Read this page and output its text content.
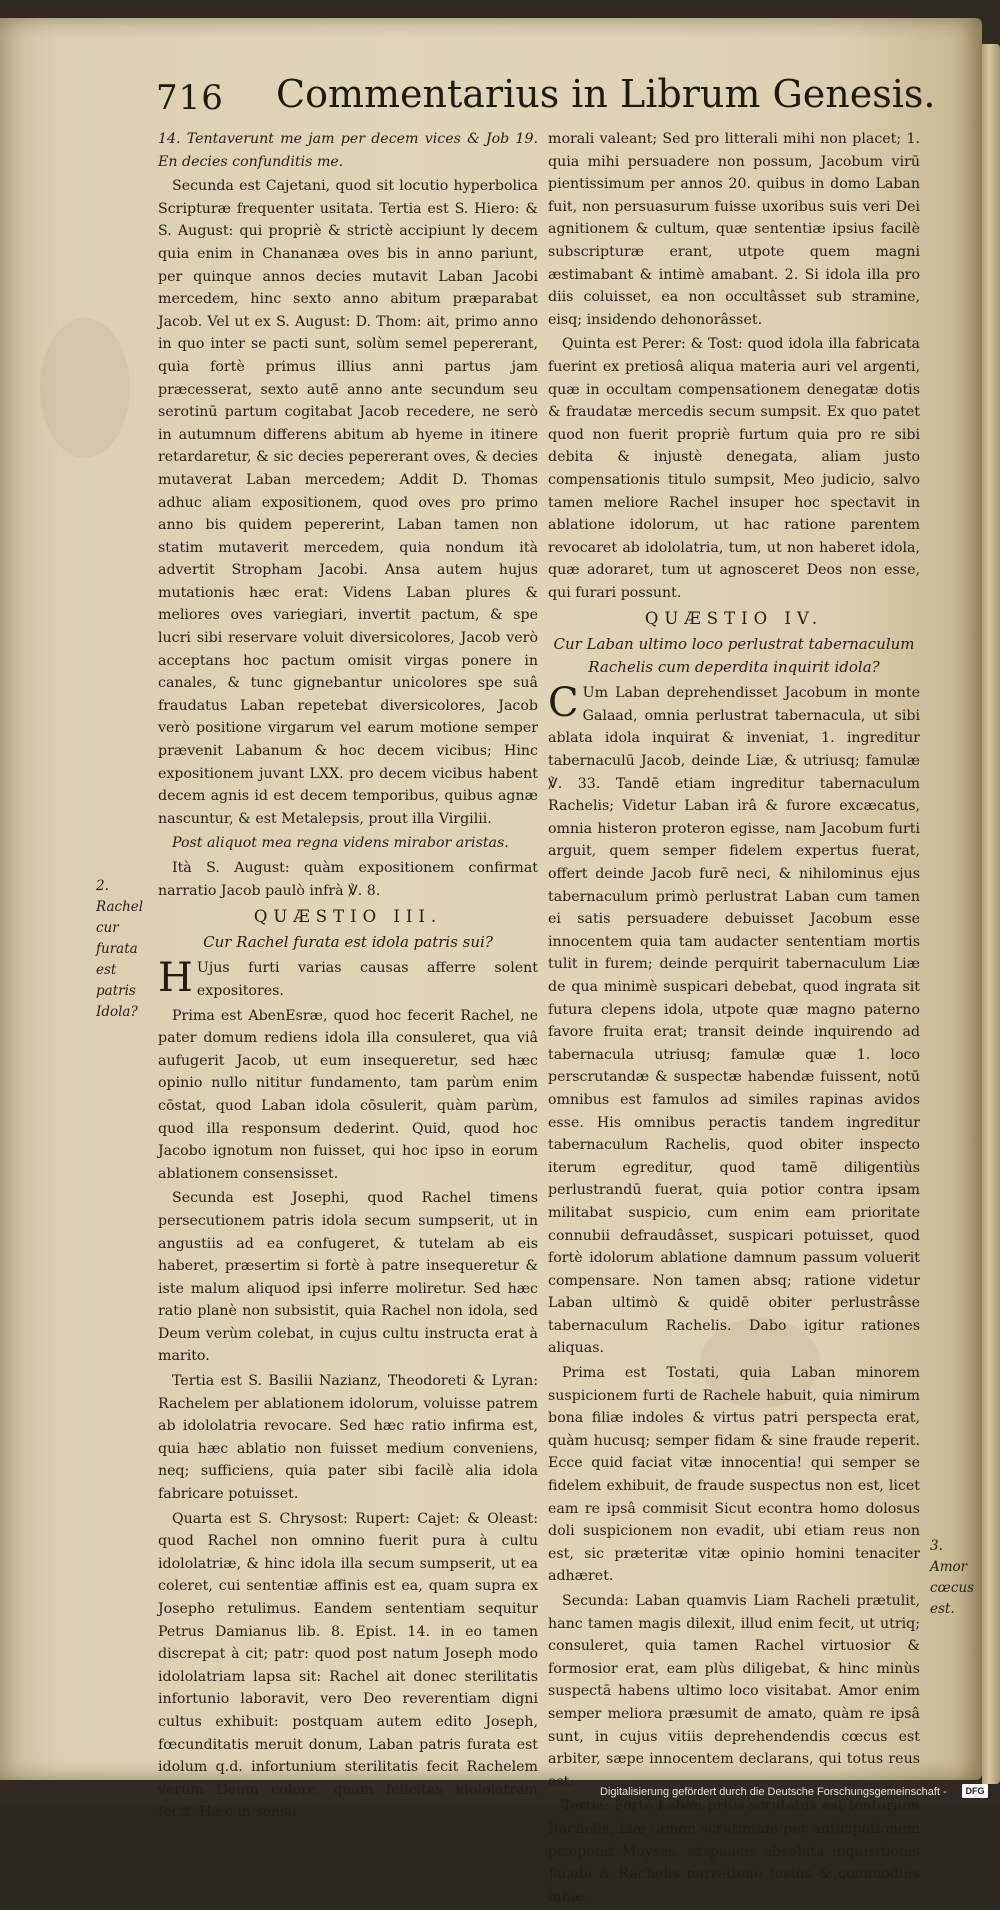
716 Commentarius in Librum Genesis.

14. Tentaverunt me jam per decem vices & Job 19. En decies confunditis me.

Secunda est Cajetani, quod sit locutio hyperbolica Scripturæ frequenter usitata. Tertia est S. Hiero: & S. August: qui propriè & strictè accipiunt ly decem quia enim in Chananæa oves bis in anno pariunt, per quinque annos decies mutavit Laban Jacobi mercedem, hinc sexto anno abitum præparabat Jacob. Vel ut ex S. August: D. Thom: ait, primo anno in quo inter se pacti sunt, solùm semel pepererant, quia fortè primus illius anni partus jam præcesserat, sexto autē anno ante secundum seu serotinū partum cogitabat Jacob recedere, ne serò in autumnum differens abitum ab hyeme in itinere retardaretur, & sic decies pepererant oves, & decies mutaverat Laban mercedem; Addit D. Thomas adhuc aliam expositionem, quod oves pro primo anno bis quidem pepererint, Laban tamen non statim mutaverit mercedem, quia nondum ità advertit Stropham Jacobi. Ansa autem hujus mutationis hæc erat: Videns Laban plures & meliores oves variegiari, invertit pactum, & spe lucri sibi reservare voluit diversicolores, Jacob verò acceptans hoc pactum omisit virgas ponere in canales, & tunc gignebantur unicolores spe suâ fraudatus Laban repetebat diversicolores, Jacob verò positione virgarum vel earum motione semper prævenit Labanum & hoc decem vicibus; Hinc expositionem juvant LXX. pro decem vicibus habent decem agnis id est decem temporibus, quibus agnæ nascuntur, & est Metalepsis, prout illa Virgilii.

Post aliquot mea regna videns mirabor aristas.

Ità S. August: quàm expositionem confirmat narratio Jacob paulò infrà ℣. 8.

QUÆSTIO III.
Cur Rachel furata est idola patris sui?

H Ujus furti varias causas afferre solent expositores.

Prima est AbenEsræ, quod hoc fecerit Rachel, ne pater domum rediens idola illa consuleret, qua viâ aufugerit Jacob, ut eum insequeretur, sed hæc opinio nullo nititur fundamento, tam parùm enim cōstat, quod Laban idola cōsulerit, quàm parùm, quod illa responsum dederint. Quid, quod hoc Jacobo ignotum non fuisset, qui hoc ipso in eorum ablationem consensisset.

Secunda est Josephi, quod Rachel timens persecutionem patris idola secum sumpserit, ut in angustiis ad ea confugeret, & tutelam ab eis haberet, præsertim si fortè à patre insequeretur & iste malum aliquod ipsi inferre moliretur. Sed hæc ratio planè non subsistit, quia Rachel non idola, sed Deum verùm colebat, in cujus cultu instructa erat à marito.

Tertia est S. Basilii Nazianz, Theodoreti & Lyran: Rachelem per ablationem idolorum, voluisse patrem ab idololatria revocare. Sed hæc ratio infirma est, quia hæc ablatio non fuisset medium conveniens, neq; sufficiens, quia pater sibi facilè alia idola fabricare potuisset.

Quarta est S. Chrysost: Rupert: Cajet: & Oleast: quod Rachel non omnino fuerit pura à cultu idololatriæ, & hinc idola illa secum sumpserit, ut ea coleret, cui sententiæ affinis est ea, quam supra ex Josepho retulimus. Eandem sententiam sequitur Petrus Damianus lib. 8. Epist. 14. in eo tamen discrepat à cit; patr: quod post natum Joseph modo idololatriam lapsa sit: Rachel ait donec sterilitatis infortunio laboravit, vero Deo reverentiam digni cultus exhibuit: postquam autem edito Joseph, fœcunditatis meruit donum, Laban patris furata est idolum q.d. infortunium sterilitatis fecit Rachelem verùm Deum colore, quàm felicitas idololatram fecit: Hæc in sensu

morali valeant; Sed pro litterali mihi non placet; 1. quia mihi persuadere non possum, Jacobum virū pientissimum per annos 20. quibus in domo Laban fuit, non persuasurum fuisse uxoribus suis veri Dei agnitionem & cultum, quæ sententiæ ipsius facilè subscripturæ erant, utpote quem magni æstimabant & intimè amabant. 2. Si idola illa pro diis coluisset, ea non occultâsset sub stramine, eisq; insidendo dehonorâsset.

Quinta est Perer: & Tost: quod idola illa fabricata fuerint ex pretiosâ aliqua materia auri vel argenti, quæ in occultam compensationem denegatæ dotis & fraudatæ mercedis secum sumpsit. Ex quo patet quod non fuerit propriè furtum quia pro re sibi debita & injustè denegata, aliam justo compensationis titulo sumpsit, Meo judicio, salvo tamen meliore Rachel insuper hoc spectavit in ablatione idolorum, ut hac ratione parentem revocaret ab idololatria, tum, ut non haberet idola, quæ adoraret, tum ut agnosceret Deos non esse, qui furari possunt.

QUÆSTIO IV.
Cur Laban ultimo loco perlustrat tabernaculum Rachelis cum deperdita inquirit idola?

C Um Laban deprehendisset Jacobum in monte Galaad, omnia perlustrat tabernacula, ut sibi ablata idola inquirat & inveniat, 1. ingreditur tabernaculū Jacob, deinde Liæ, & utriusq; famulæ ℣. 33. Tandē etiam ingreditur tabernaculum Rachelis; Videtur Laban irâ & furore excæcatus, omnia histeron proteron egisse, nam Jacobum furti arguit, quem semper fidelem expertus fuerat, offert deinde Jacob furē neci, & nihilominus ejus tabernaculum primò perlustrat Laban cum tamen ei satis persuadere debuisset Jacobum esse innocentem quia tam audacter sententiam mortis tulit in furem; deinde perquirit tabernaculum Liæ de qua minimè suspicari debebat, quod ingrata sit futura clepens idola, utpote quæ magno paterno favore fruita erat; transit deinde inquirendo ad tabernacula utriusq; famulæ quæ 1. loco perscrutandæ & suspectæ habendæ fuissent, notū omnibus est famulos ad similes rapinas avidos esse. His omnibus peractis tandem ingreditur tabernaculum Rachelis, quod obiter inspecto iterum egreditur, quod tamē diligentiùs perlustrandū fuerat, quia potior contra ipsam militabat suspicio, cum enim eam prioritate connubii defraudâsset, suspicari potuisset, quod fortè idolorum ablatione damnum passum voluerit compensare. Non tamen absq; ratione videtur Laban ultimò & quidē obiter perlustrâsse tabernaculum Rachelis. Dabo igitur rationes aliquas.

Prima est Tostati, quia Laban minorem suspicionem furti de Rachele habuit, quia nimirum bona filiæ indoles & virtus patri perspecta erat, quàm hucusq; semper fidam & sine fraude reperit. Ecce quid faciat vitæ innocentia! qui semper se fidelem exhibuit, de fraude suspectus non est, licet eam re ipsâ commisit Sicut econtra homo dolosus doli suspicionem non evadit, ubi etiam reus non est, sic præteritæ vitæ opinio homini tenaciter adhæret.

Secunda: Laban quamvis Liam Racheli prætulit, hanc tamen magis dilexit, illud enim fecit, ut utriq; consuleret, quia tamen Rachel virtuosior & formosior erat, eam plùs diligebat, & hinc minùs suspectā habens ultimo loco visitabat. Amor enim semper meliora præsumit de amato, quàm re ipsâ sunt, in cujus vitiis deprehendendis cœcus est arbiter, sæpe innocentem declarans, qui totus reus est.

Tertia: Fortè Laban priùs scrutatus est tentorium Rachelis, Liæ tamen scrutinium per anticipationem præponit Moyses, ut paucis absoluta inquisitionis Jacobi & Rachelis narratione fusiùs & commodiùs inhæ-

2. Rachel cur furata est patris Idola?
3. Amor cœcus est.
Digitalisierung gefördert durch die Deutsche Forschungsgemeinschaft -	DFG
